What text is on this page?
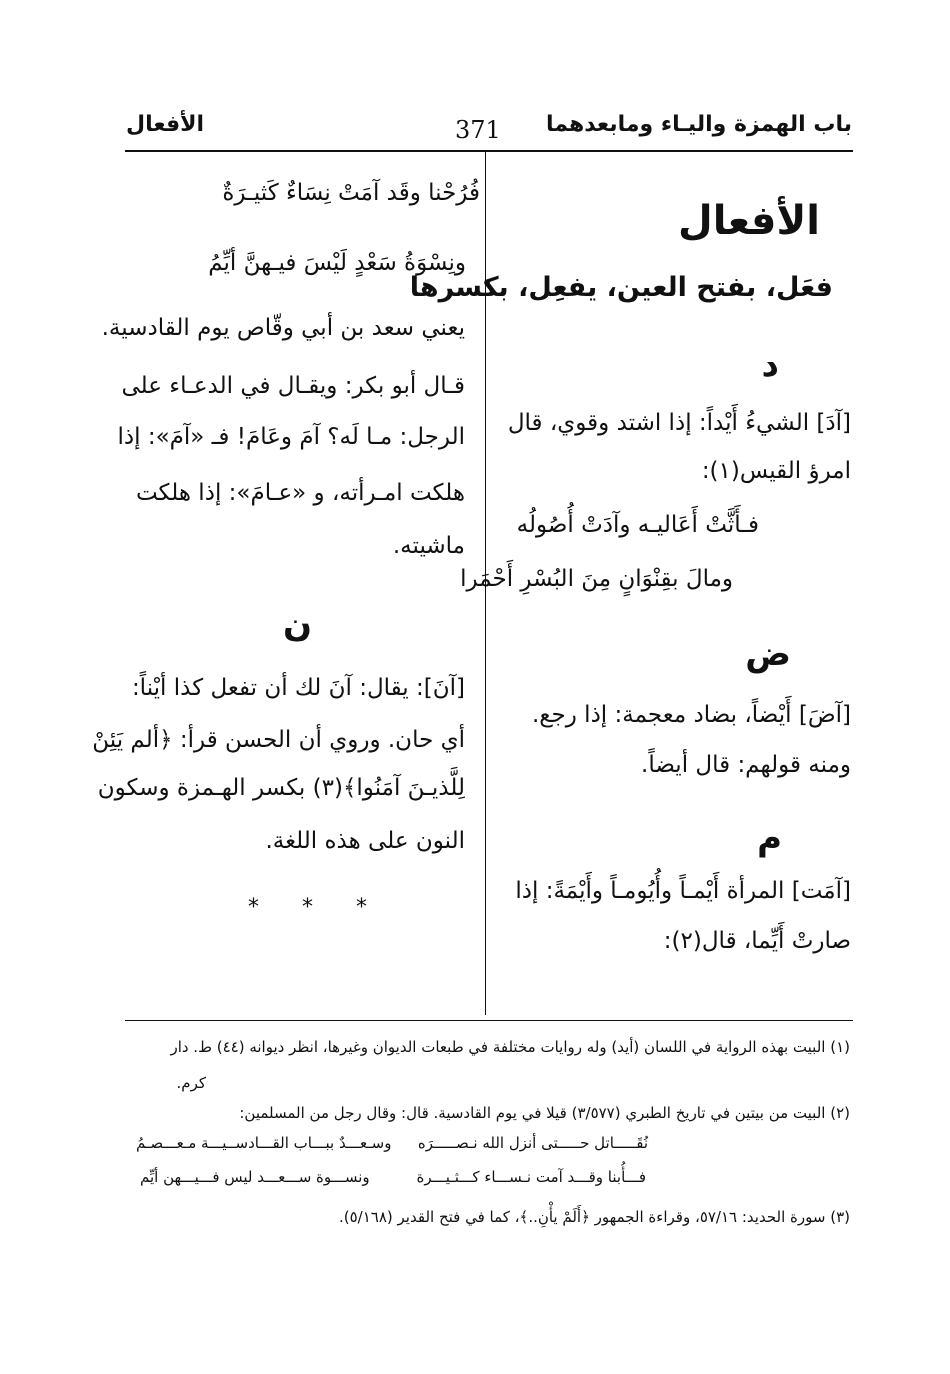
باب الهمزة واليـاء ومابعدهما
371
الأفعال
الأفعال
فعَل، بفتح العين، يفعِل، بكسرها
د
[آدَ] الشيءُ أَيْداً: إذا اشتد وقوي، قال
امرؤ القيس(١):
فـأَثَّتْ أَعَاليـه وآدَتْ أُصُولُه
ومالَ بقِنْوَانٍ مِنَ البُسْرِ أَحْمَرا
ض
[آضَ] أَيْضاً، بضاد معجمة: إذا رجع.
ومنه قولهم: قال أيضاً.
م
[آمَت] المرأة أَيْمـاً وأُيُومـاً وأَيْمَةً: إذا
صارتْ أَيِّما، قال(٢):
فُرُحْنا وقَد آمَتْ نِسَاءٌ كَثيـرَةٌ
ونِسْوَةُ سَعْدٍ لَيْسَ فيـهنَّ أيِّمُ
يعني سعد بن أبي وقّاص يوم القادسية.
قـال أبو بكر: ويقـال في الدعـاء على
الرجل: مـا لَه؟ آمَ وعَامَ! فـ «آمَ»: إذا
هلكت امـرأته، و «عـامَ»: إذا هلكت
ماشيته.
ن
[آنَ]: يقال: آنَ لك أن تفعل كذا أيْناً:
أي حان. وروي أن الحسن قرأ: ﴿ألم يَئِنْ
لِلَّذيـنَ آمَنُوا﴾(٣) بكسر الهـمزة وسكون
النون على هذه اللغة.
* * *
(١) البيت بهذه الرواية في اللسان (أيد) وله روايات مختلفة في طبعات الديوان وغيرها، انظر ديوانه (٤٤) ط. دار
كرم.
(٢) البيت من بيتين في تاريخ الطبري (٣/٥٧٧) قيلا في يوم القادسية. قال: وقال رجل من المسلمين:
نُقَـــــاتل حـــــتى أنزل الله نـصـــــرَه
وسـعـــدٌ ببـــاب القـــادســيـــة مـعـــصـمُ
فـــأُبنا وقـــد آمت نـســـاء كـــثـيـــرة
ونســـوة ســـعـــد ليس فـــيـــهن أيِّم
(٣) سورة الحديد: ٥٧/١٦، وقراءة الجمهور ﴿أَلَمْ يأْنِ..﴾، كما في فتح القدير (٥/١٦٨).
